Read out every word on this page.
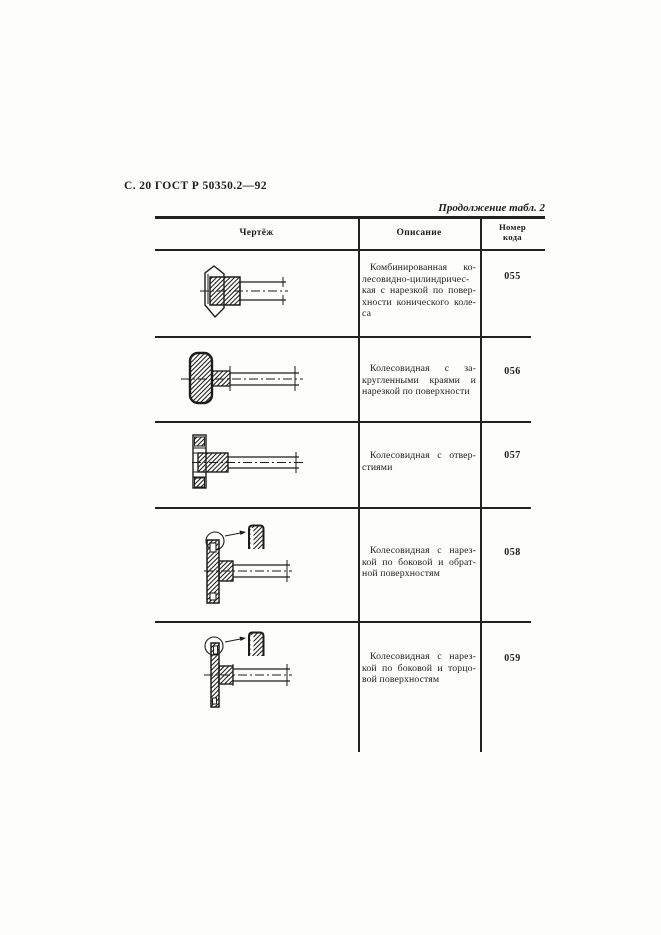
С. 20 ГОСТ Р 50350.2—92
Продолжение табл. 2
Чертёж	Описание
Номер
кода
Комбинированная ко-
лесовидно-цилиндричес-
кая с нарезкой по повер-
хности конического коле-
са
055
Колесовидная с за-
кругленными краями и
нарезкой по поверхности
056
Колесовидная с отвер-
стиями
057
Колесовидная с нарез-
кой по боковой и обрат-
ной поверхностям
058
Колесовидная с нарез-
кой по боковой и торцо-
вой поверхностям
059
